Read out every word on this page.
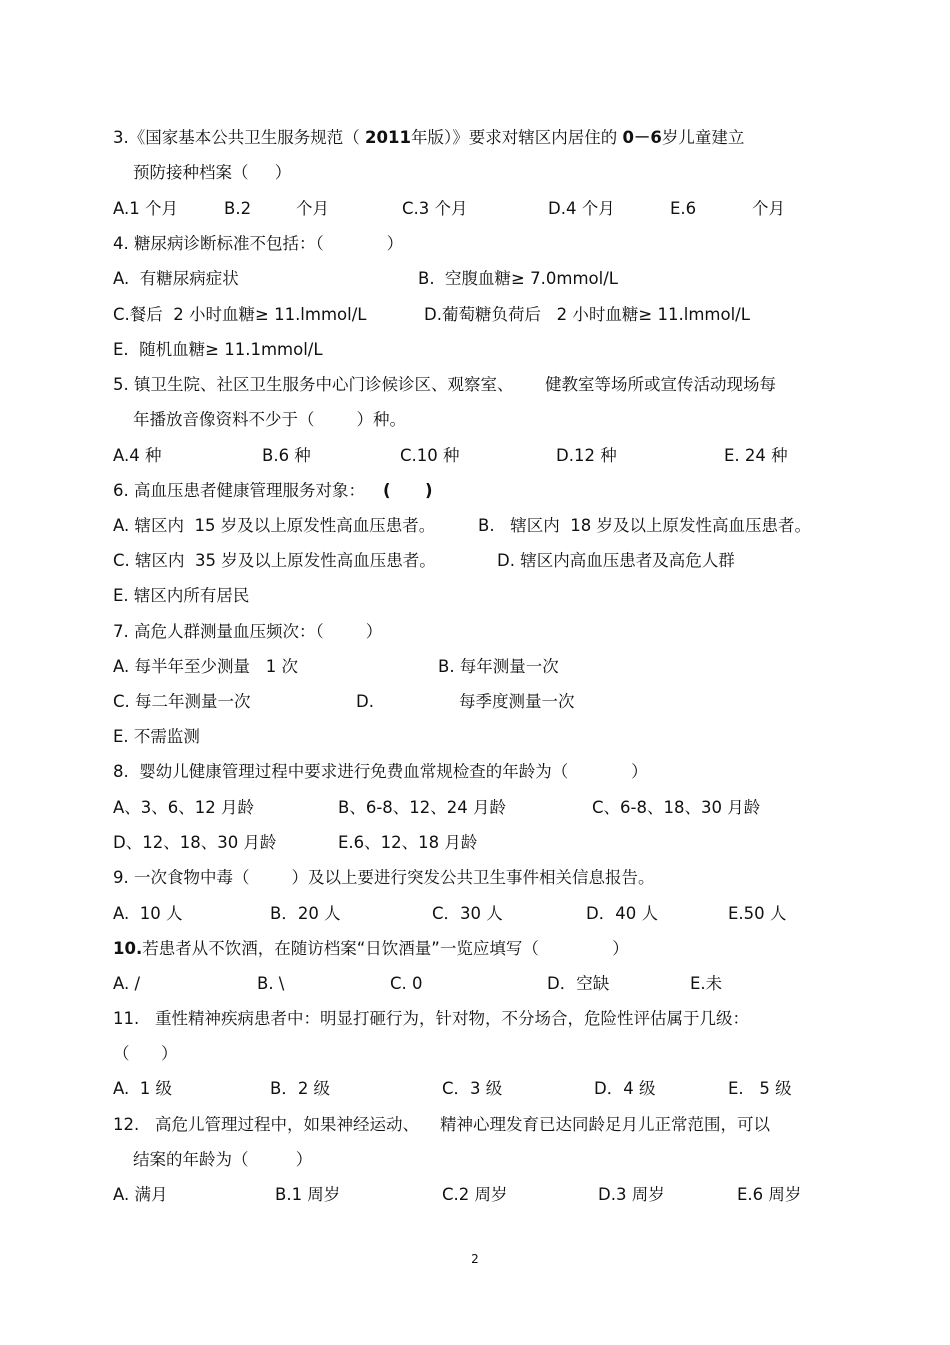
3.《国家基本公共卫生服务规范（ 2011年版）》要求对辖区内居住的 0－6岁儿童建立
预防接种档案（     ）
A.1 个月	B.2	个月	C.3 个月	D.4 个月	E.6	个月
4. 糖尿病诊断标准不包括：（            ）
A.  有糖尿病症状	B.  空腹血糖≥ 7.0mmol/L
C.餐后  2 小时血糖≥ 11.lmmol/L	D.葡萄糖负荷后   2 小时血糖≥ 11.lmmol/L
E.  随机血糖≥ 11.1mmol/L
5. 镇卫生院、社区卫生服务中心门诊候诊区、观察室、      健教室等场所或宣传活动现场每
年播放音像资料不少于（        ）种。
A.4 种	B.6 种	C.10 种	D.12 种	E. 24 种
6. 高血压患者健康管理服务对象： (      )
A. 辖区内  15 岁及以上原发性高血压患者。	B.   辖区内  18 岁及以上原发性高血压患者。
C. 辖区内  35 岁及以上原发性高血压患者。	D. 辖区内高血压患者及高危人群
E. 辖区内所有居民
7. 高危人群测量血压频次：（        ）
A. 每半年至少测量   1 次	B. 每年测量一次
C. 每二年测量一次	D.	每季度测量一次
E. 不需监测
8.  婴幼儿健康管理过程中要求进行免费血常规检查的年龄为（            ）
A、3、6、12 月龄	B、6-8、12、24 月龄	C、6-8、18、30 月龄
D、12、18、30 月龄	E.6、12、18 月龄
9. 一次食物中毒（        ）及以上要进行突发公共卫生事件相关信息报告。
A.  10 人	B．20 人	C．30 人	D．40 人	E.50 人
10.若患者从不饮酒，在随访档案“日饮酒量”一览应填写（              ）
A. /	B. \	C. 0	D．空缺	E.未
11.   重性精神疾病患者中：明显打砸行为，针对物，不分场合，危险性评估属于几级：
（      ）
A.  1 级	B．2 级	C．3 级	D．4 级	E.   5 级
12.   高危儿管理过程中，如果神经运动、    精神心理发育已达同龄足月儿正常范围，可以
结案的年龄为（         ）
A. 满月	B.1 周岁	C.2 周岁	D.3 周岁	E.6 周岁
2
